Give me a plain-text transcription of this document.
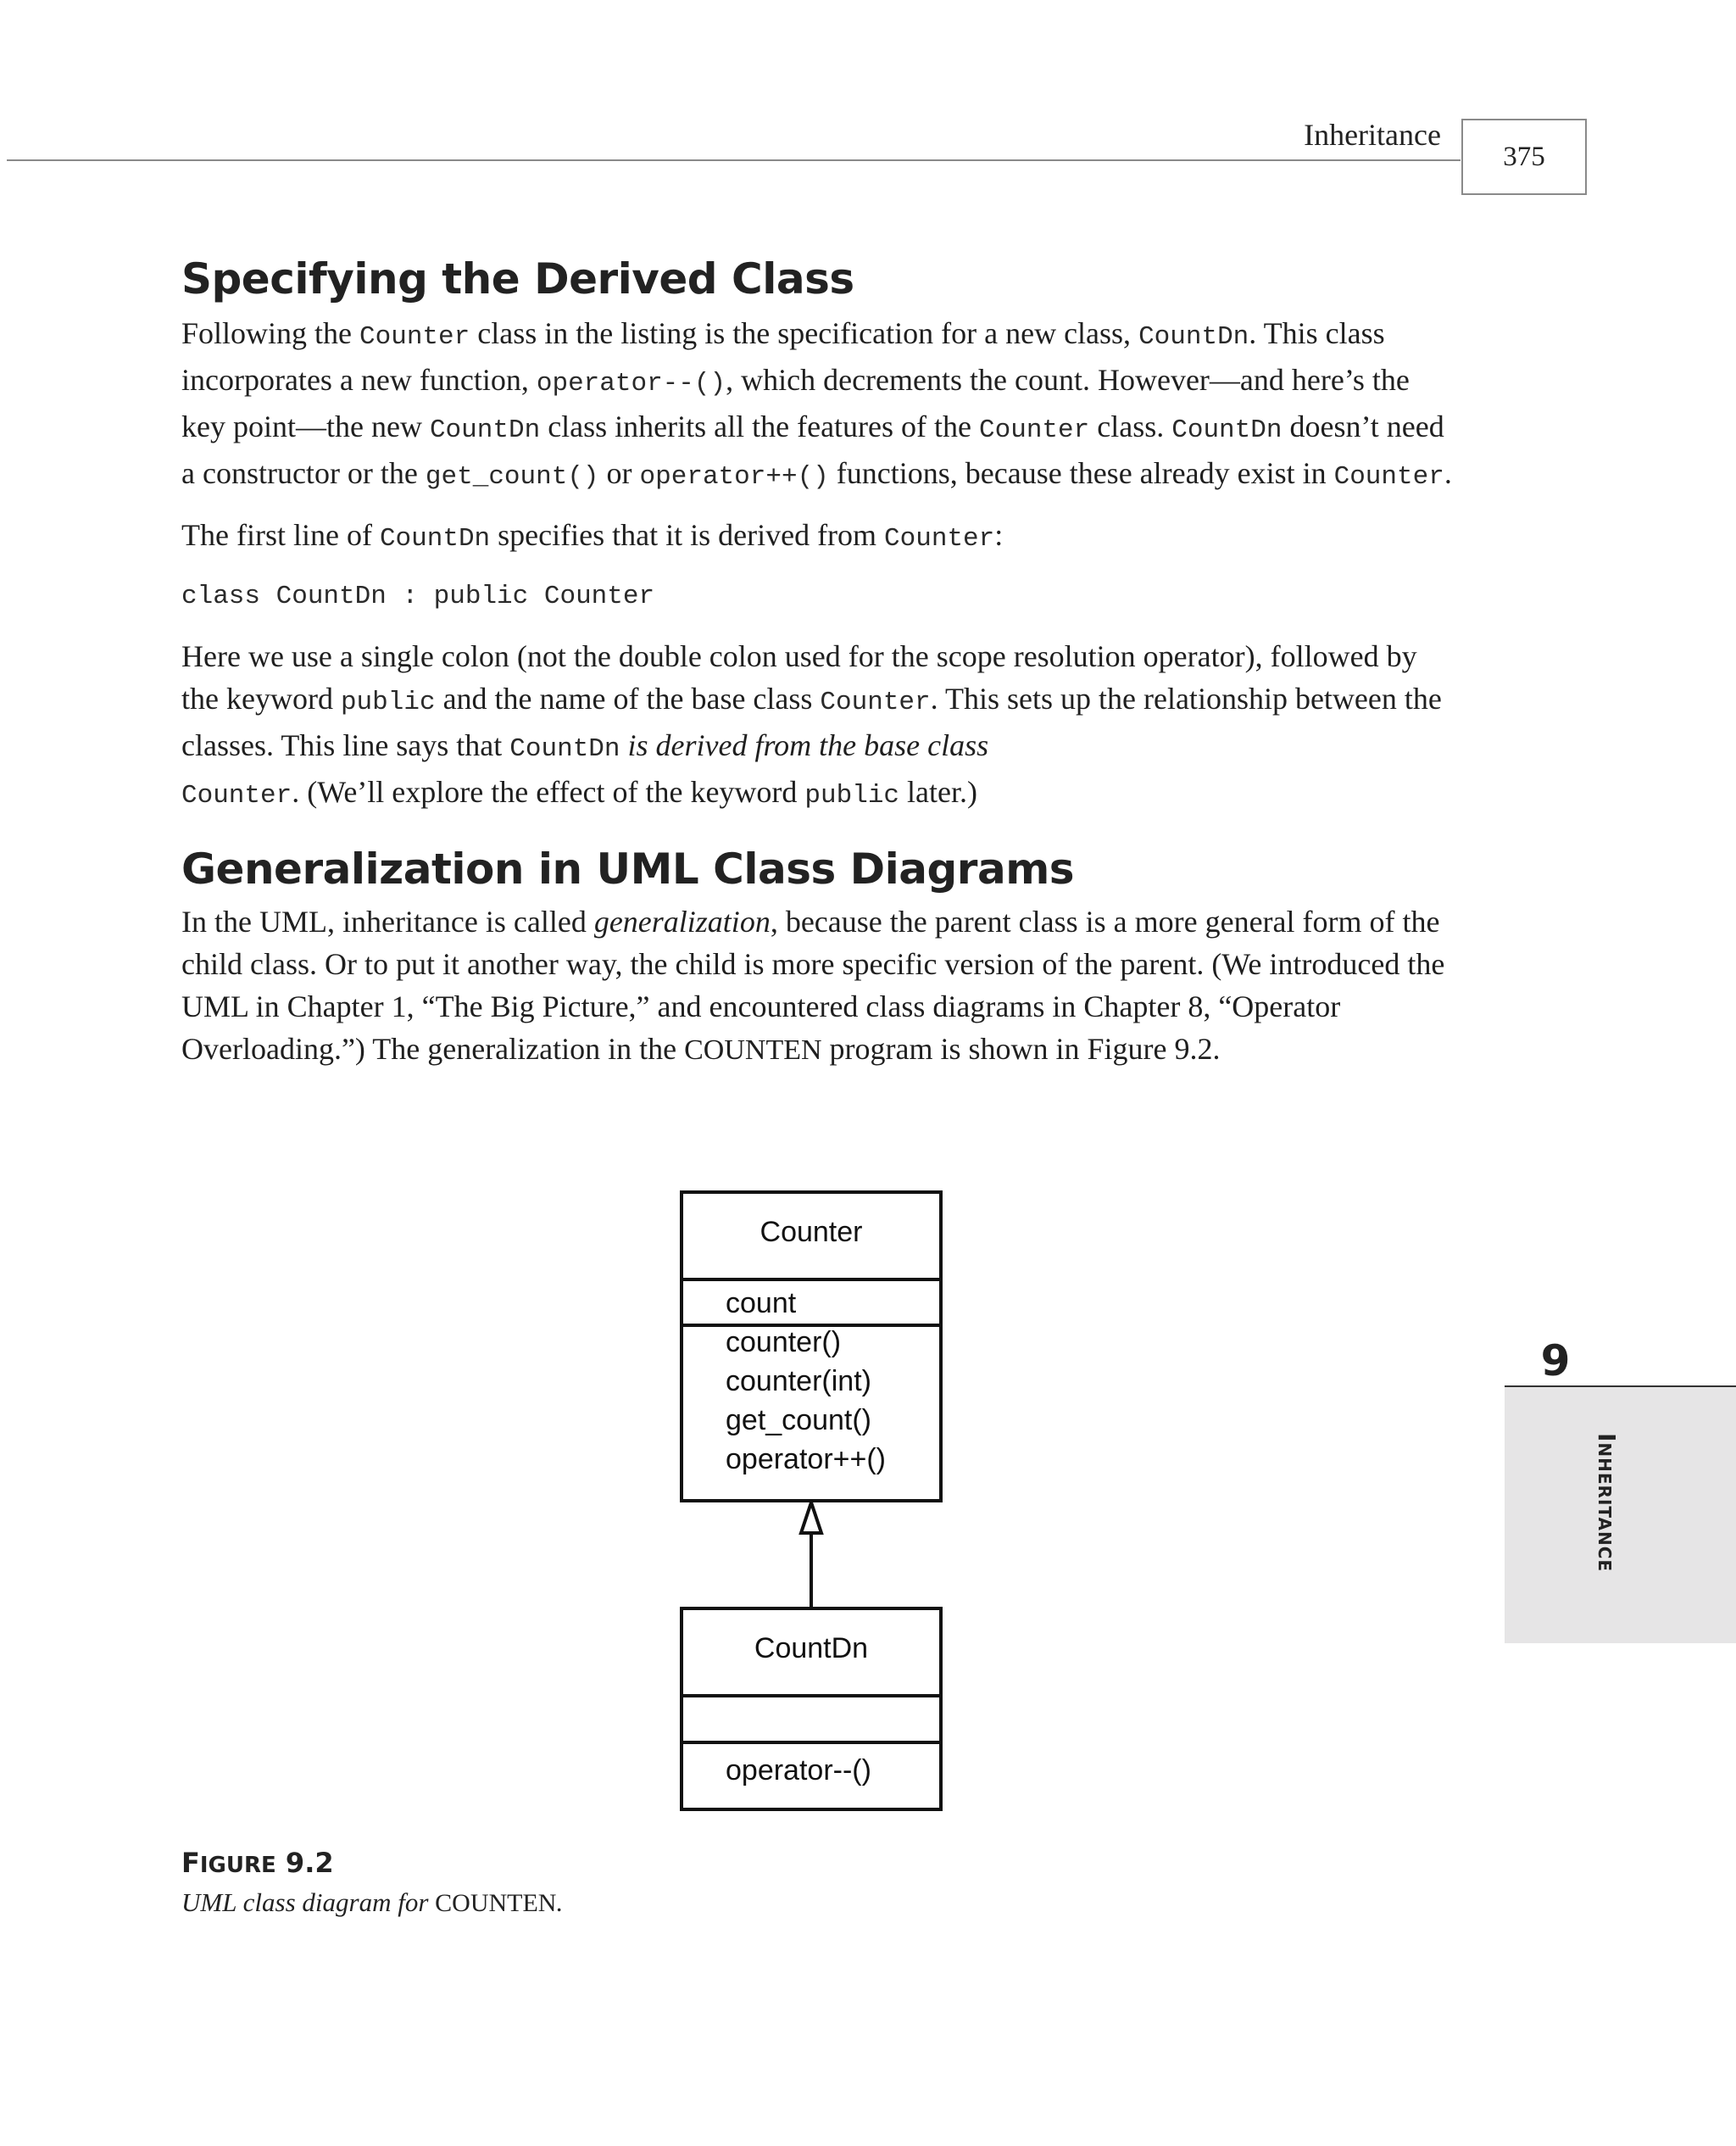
Inheritance
375
Specifying the Derived Class

Following the Counter class in the listing is the specification for a new class, CountDn. This class incorporates a new function, operator--(), which decrements the count. However—and here’s the key point—the new CountDn class inherits all the features of the Counter class. CountDn doesn’t need a constructor or the get_count() or operator++() functions, because these already exist in Counter.

The first line of CountDn specifies that it is derived from Counter:

class CountDn : public Counter

Here we use a single colon (not the double colon used for the scope resolution operator), followed by the keyword public and the name of the base class Counter. This sets up the relationship between the classes. This line says that CountDn is derived from the base class
Counter. (We’ll explore the effect of the keyword public later.)

Generalization in UML Class Diagrams

In the UML, inheritance is called generalization, because the parent class is a more general form of the child class. Or to put it another way, the child is more specific version of the parent. (We introduced the UML in Chapter 1, “The Big Picture,” and encountered class diagrams in Chapter 8, “Operator Overloading.”) The generalization in the COUNTEN program is shown in Figure 9.2.

Counter
count
counter()
counter(int)
get_count()
operator++()
CountDn
operator--()
FIGURE 9.2
UML class diagram for COUNTEN.
9
Inheritance
